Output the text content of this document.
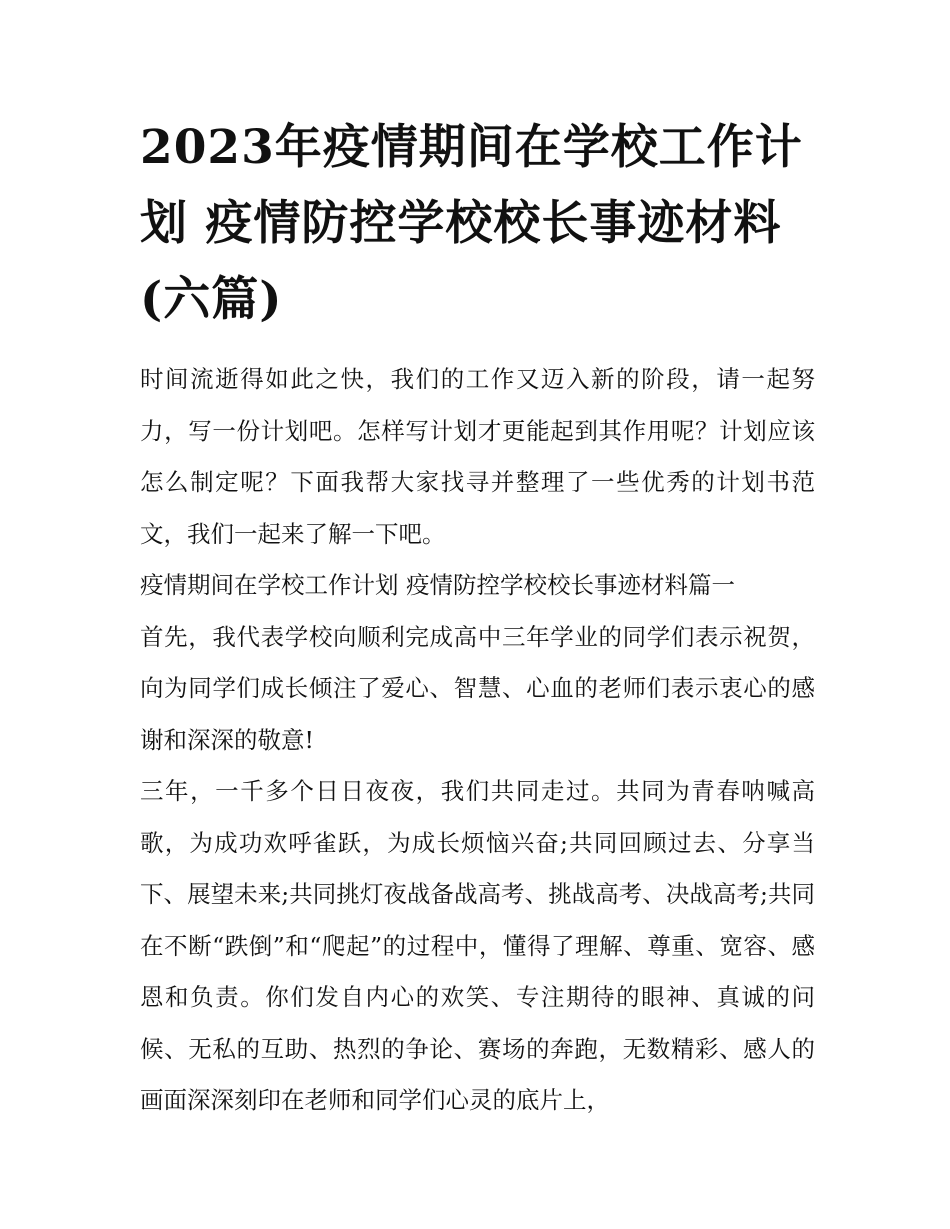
2023年疫情期间在学校工作计划 疫情防控学校校长事迹材料(六篇)

时间流逝得如此之快，我们的工作又迈入新的阶段，请一起努力，写一份计划吧。怎样写计划才更能起到其作用呢？计划应该怎么制定呢？下面我帮大家找寻并整理了一些优秀的计划书范文，我们一起来了解一下吧。

疫情期间在学校工作计划 疫情防控学校校长事迹材料篇一

首先，我代表学校向顺利完成高中三年学业的同学们表示祝贺，向为同学们成长倾注了爱心、智慧、心血的老师们表示衷心的感谢和深深的敬意!

三年，一千多个日日夜夜，我们共同走过。共同为青春呐喊高歌，为成功欢呼雀跃，为成长烦恼兴奋;共同回顾过去、分享当下、展望未来;共同挑灯夜战备战高考、挑战高考、决战高考;共同在不断“跌倒”和“爬起”的过程中，懂得了理解、尊重、宽容、感恩和负责。你们发自内心的欢笑、专注期待的眼神、真诚的问候、无私的互助、热烈的争论、赛场的奔跑，无数精彩、感人的画面深深刻印在老师和同学们心灵的底片上，
